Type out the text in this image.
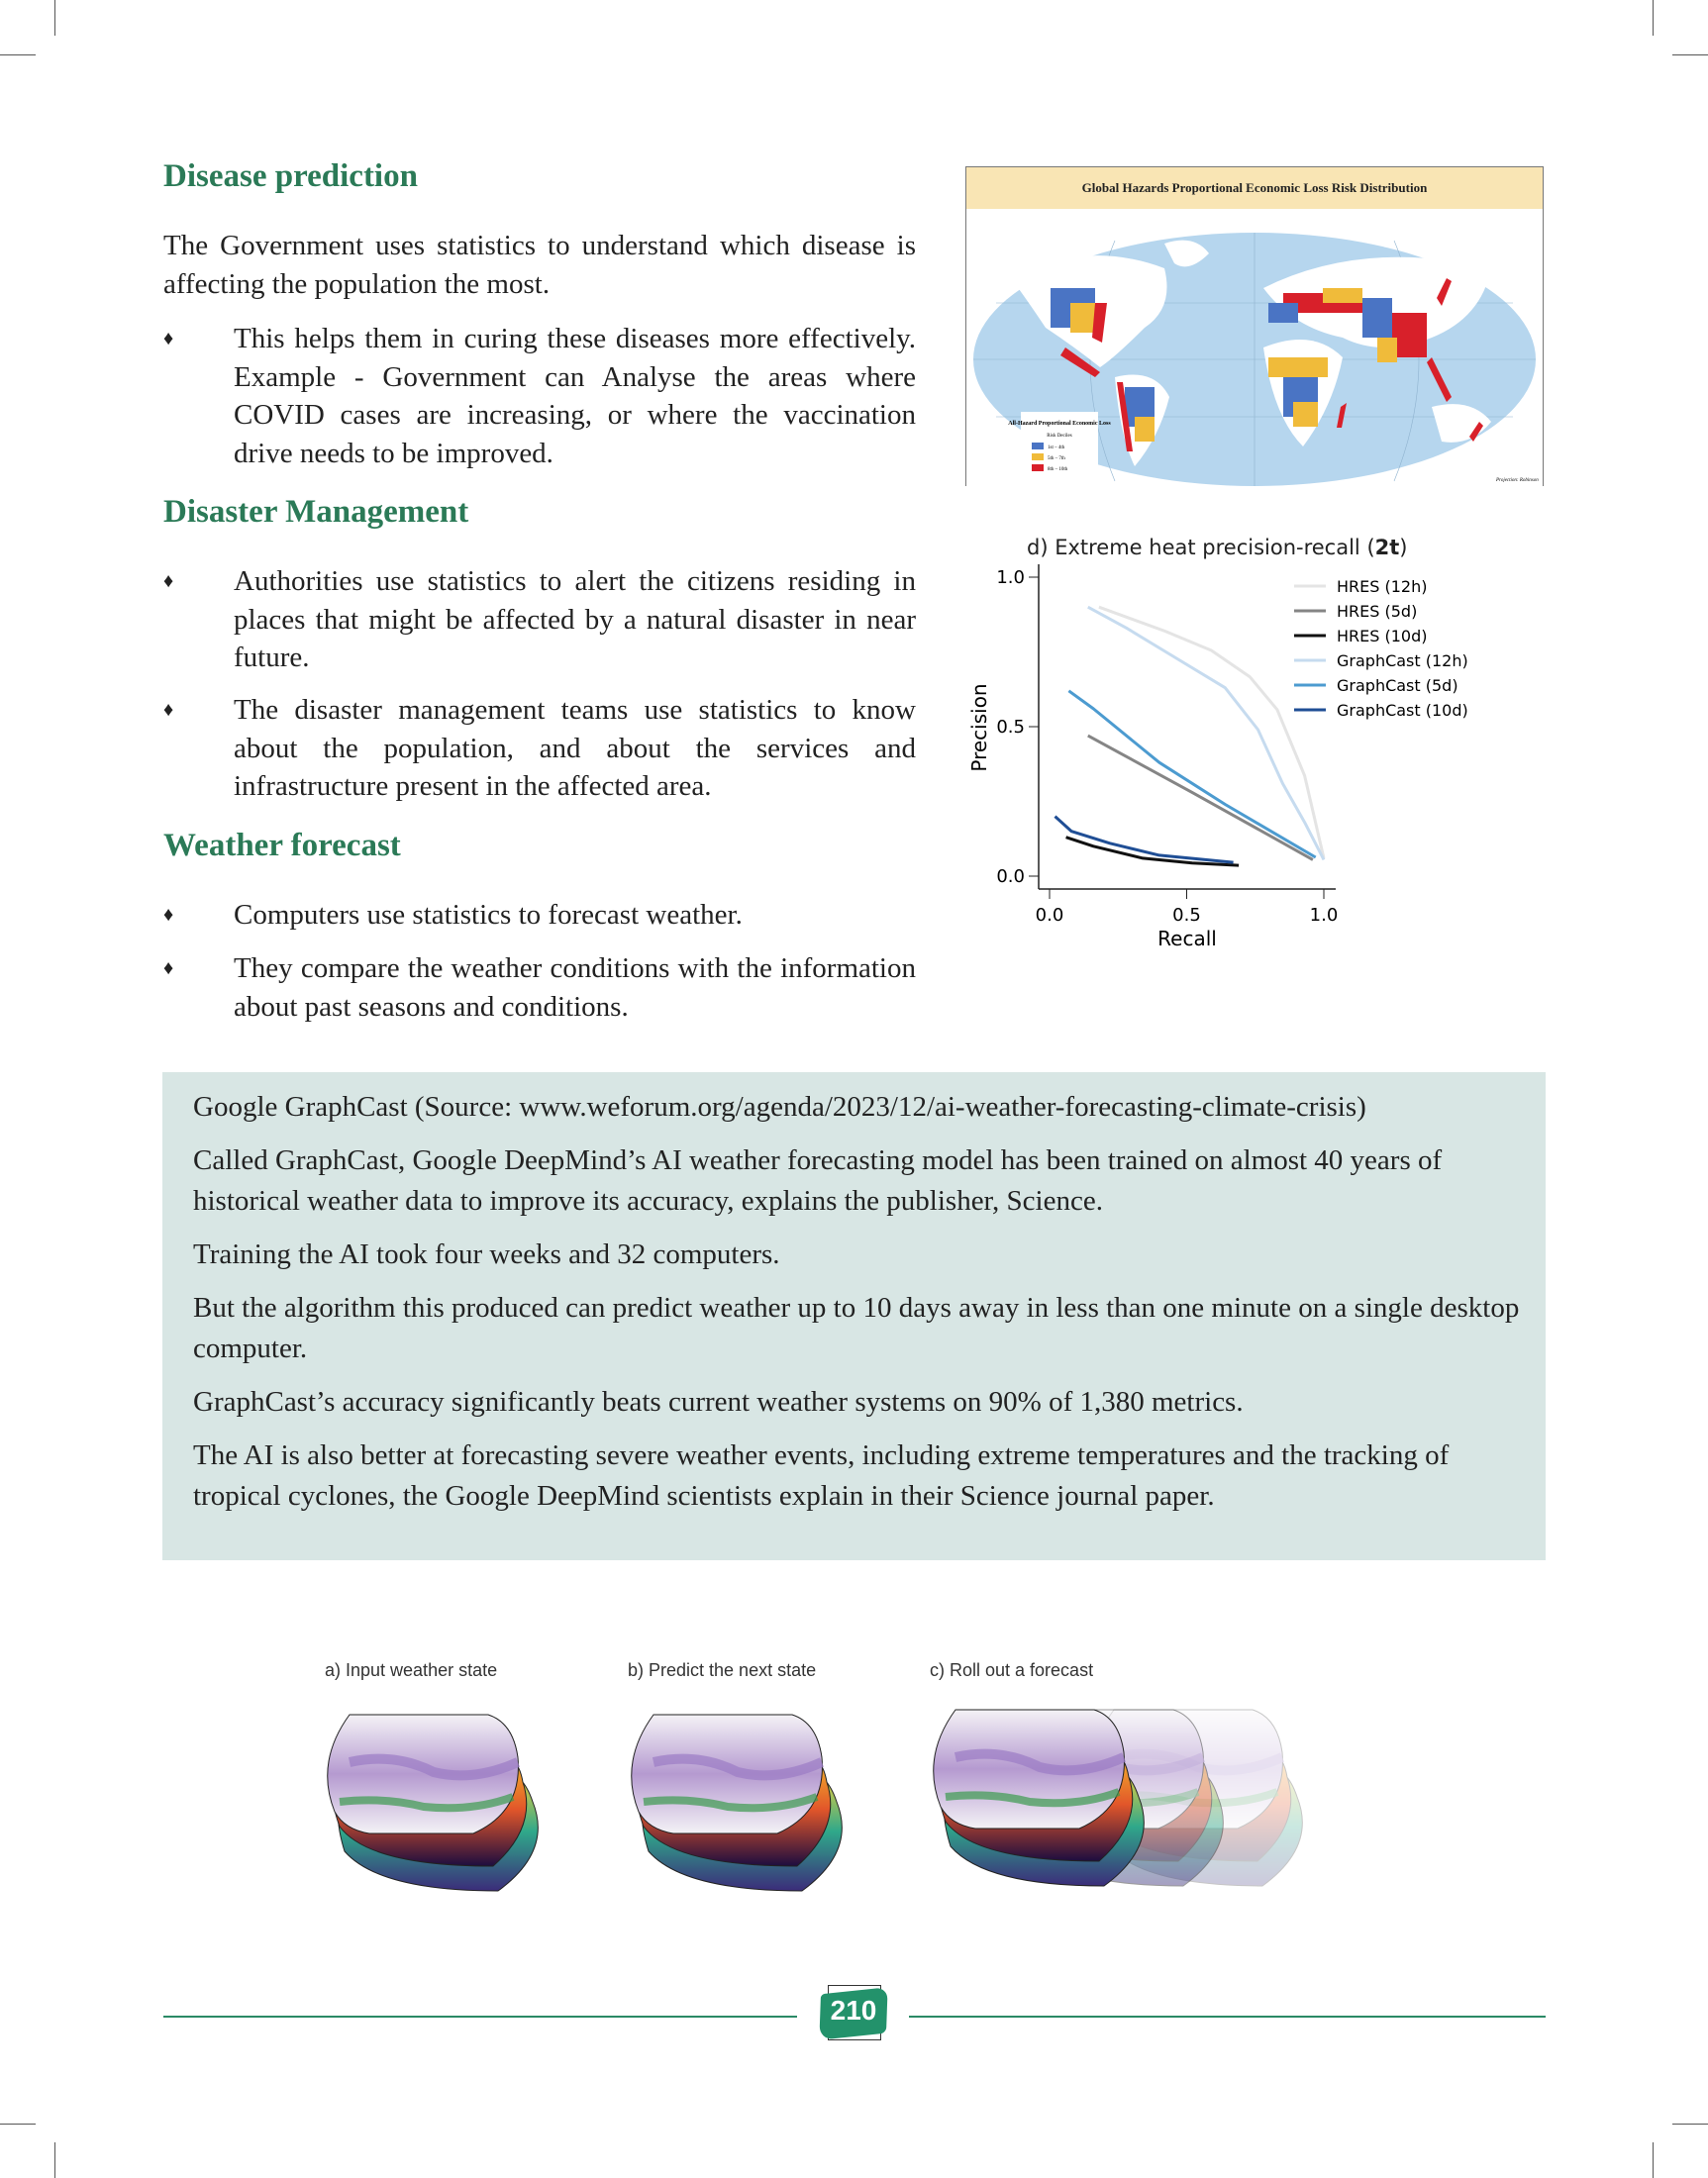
Disease prediction
The Government uses statistics to understand which disease is affecting the population the most.
♦ This helps them in curing these diseases more effectively. Example - Government can Analyse the areas where COVID cases are increasing, or where the vaccination drive needs to be improved.
Disaster Management
♦ Authorities use statistics to alert the citizens residing in places that might be affected by a natural disaster in near future.
♦ The disaster management teams use statistics to know about the population, and about the services and infrastructure present in the affected area.
Weather forecast
♦ Computers use statistics to forecast weather.
♦ They compare the weather conditions with the information about past seasons and conditions.
Global Hazards Proportional Economic Loss Risk Distribution
All-Hazard Proportional Economic Loss
Risk Deciles
1st – 4th
5th – 7th
8th – 10th
Projection: Robinson
d) Extreme heat precision-recall (2t)
0.0	0.5	1.0
0.0
0.5
1.0	HRES (12h)
HRES (5d)
HRES (10d)
GraphCast (12h)
GraphCast (5d)
GraphCast (10d)
Recall
Precision

Google GraphCast (Source: www.weforum.org/agenda/2023/12/ai-weather-forecasting-climate-crisis)

Called GraphCast, Google DeepMind’s AI weather forecasting model has been trained on almost 40 years of historical weather data to improve its accuracy, explains the publisher, Science.

Training the AI took four weeks and 32 computers.

But the algorithm this produced can predict weather up to 10 days away in less than one minute on a single desktop computer.

GraphCast’s accuracy significantly beats current weather systems on 90% of 1,380 metrics.

The AI is also better at forecasting severe weather events, including extreme temperatures and the tracking of tropical cyclones, the Google DeepMind scientists explain in their Science journal paper.

a) Input weather state	b) Predict the next state	c) Roll out a forecast
210
